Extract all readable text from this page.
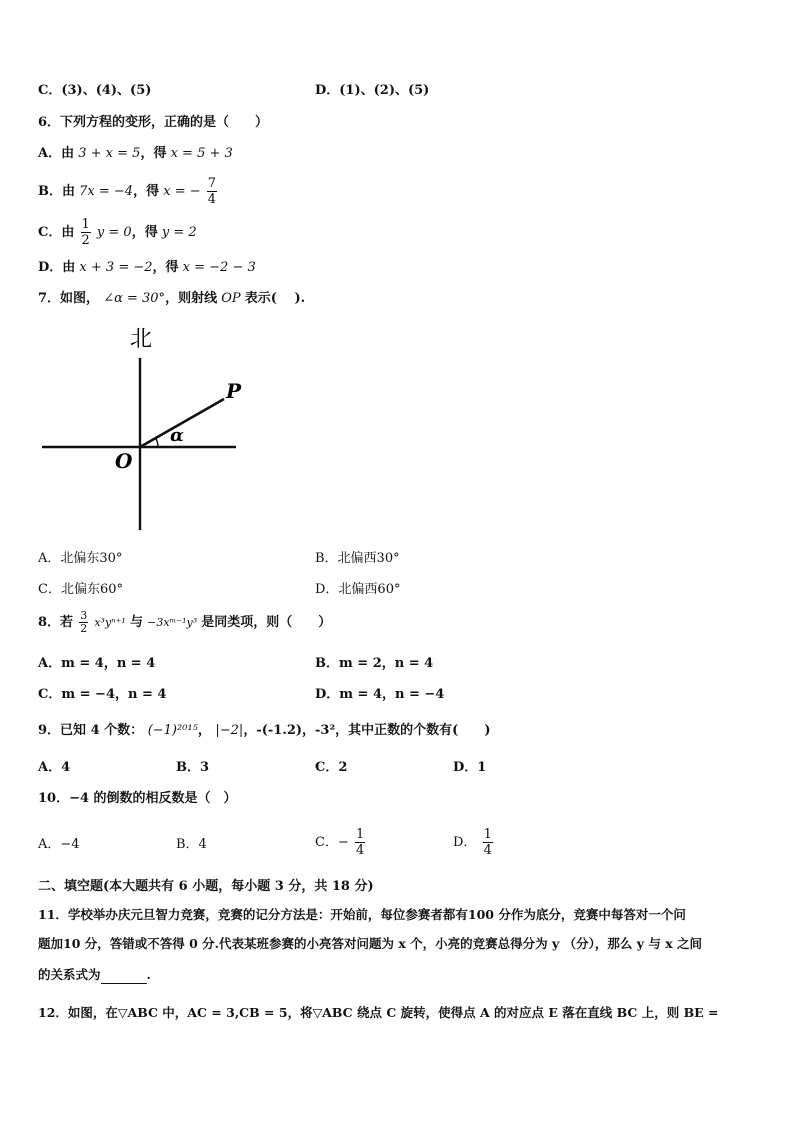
C．(3)、(4)、(5)	D．(1)、(2)、(5)
6．下列方程的变形，正确的是（　　）
A．由 3 + x = 5，得 x = 5 + 3
B．由 7x = −4，得 x = − $\frac{7}{4}$
C．由 $\frac{1}{2}$ y = 0，得 y = 2
D．由 x + 3 = −2，得 x = −2 − 3
7．如图， ∠α = 30°，则射线 OP 表示(　 ).
北
P
O
α
A．北偏东30°	B．北偏西30°
C．北偏东60°	D．北偏西60°
8．若 $\frac{3}{2} x^3y^{n+1}$ 与 −3xᵐ⁻¹y³ 是同类项，则（　　）
A．m = 4，n = 4	B．m = 2，n = 4
C．m = −4，n = 4	D．m = 4，n = −4
9．已知 4 个数： (−1)²⁰¹⁵， |−2|，-(-1.2)，-3²，其中正数的个数有(　　)
A．4	B．3	C．2	D．1
10．−4 的倒数的相反数是（　）
A．−4	B．4	C．− $\frac{1}{4}$	D． $\frac{1}{4}$
二、填空题(本大题共有 6 小题，每小题 3 分，共 18 分)
11．学校举办庆元旦智力竞赛，竞赛的记分方法是：开始前，每位参赛者都有100 分作为底分，竞赛中每答对一个问
题加10 分，答错或不答得 0 分.代表某班参赛的小亮答对问题为 x 个，小亮的竞赛总得分为 y （分），那么 y 与 x 之间
的关系式为	.
12．如图，在▽ABC 中，AC = 3,CB = 5，将▽ABC 绕点 C 旋转，使得点 A 的对应点 E 落在直线 BC 上，则 BE =
